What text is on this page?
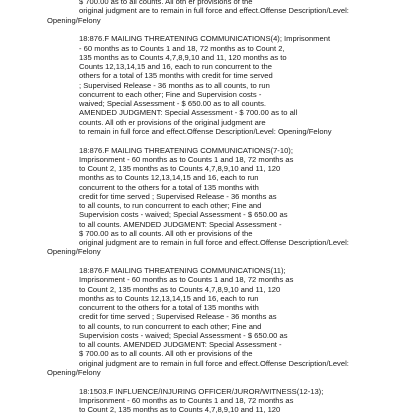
$ 700.00 as to all counts. All oth er provisions of the
original judgment are to remain in full force and effect.Offense Description/Level:
Opening/Felony
18:876.F MAILING THREATENING COMMUNICATIONS(4); Imprisonment
- 60 months as to Counts 1 and 18, 72 months as to Count 2,
135 months as to Counts 4,7,8,9,10 and 11, 120 months as to
Counts 12,13,14,15 and 16, each to run concurrent to the
others for a total of 135 months with credit for time served
; Supervised Release - 36 months as to all counts, to run
concurrent to each other; Fine and Supervision costs -
waived; Special Assessment - $ 650.00 as to all counts.
AMENDED JUDGMENT: Special Assessment - $ 700.00 as to all
counts. All oth er provisions of the original judgment are
to remain in full force and effect.Offense Description/Level: Opening/Felony
18:876.F MAILING THREATENING COMMUNICATIONS(7-10);
Imprisonment - 60 months as to Counts 1 and 18, 72 months as
to Count 2, 135 months as to Counts 4,7,8,9,10 and 11, 120
months as to Counts 12,13,14,15 and 16, each to run
concurrent to the others for a total of 135 months with
credit for time served ; Supervised Release - 36 months as
to all counts, to run concurrent to each other; Fine and
Supervision costs - waived; Special Assessment - $ 650.00 as
to all counts. AMENDED JUDGMENT: Special Assessment -
$ 700.00 as to all counts. All oth er provisions of the
original judgment are to remain in full force and effect.Offense Description/Level:
Opening/Felony
18:876.F MAILING THREATENING COMMUNICATIONS(11);
Imprisonment - 60 months as to Counts 1 and 18, 72 months as
to Count 2, 135 months as to Counts 4,7,8,9,10 and 11, 120
months as to Counts 12,13,14,15 and 16, each to run
concurrent to the others for a total of 135 months with
credit for time served ; Supervised Release - 36 months as
to all counts, to run concurrent to each other; Fine and
Supervision costs - waived; Special Assessment - $ 650.00 as
to all counts. AMENDED JUDGMENT: Special Assessment -
$ 700.00 as to all counts. All oth er provisions of the
original judgment are to remain in full force and effect.Offense Description/Level:
Opening/Felony
18:1503.F INFLUENCE/INJURING OFFICER/JUROR/WITNESS(12-13);
Imprisonment - 60 months as to Counts 1 and 18, 72 months as
to Count 2, 135 months as to Counts 4,7,8,9,10 and 11, 120
